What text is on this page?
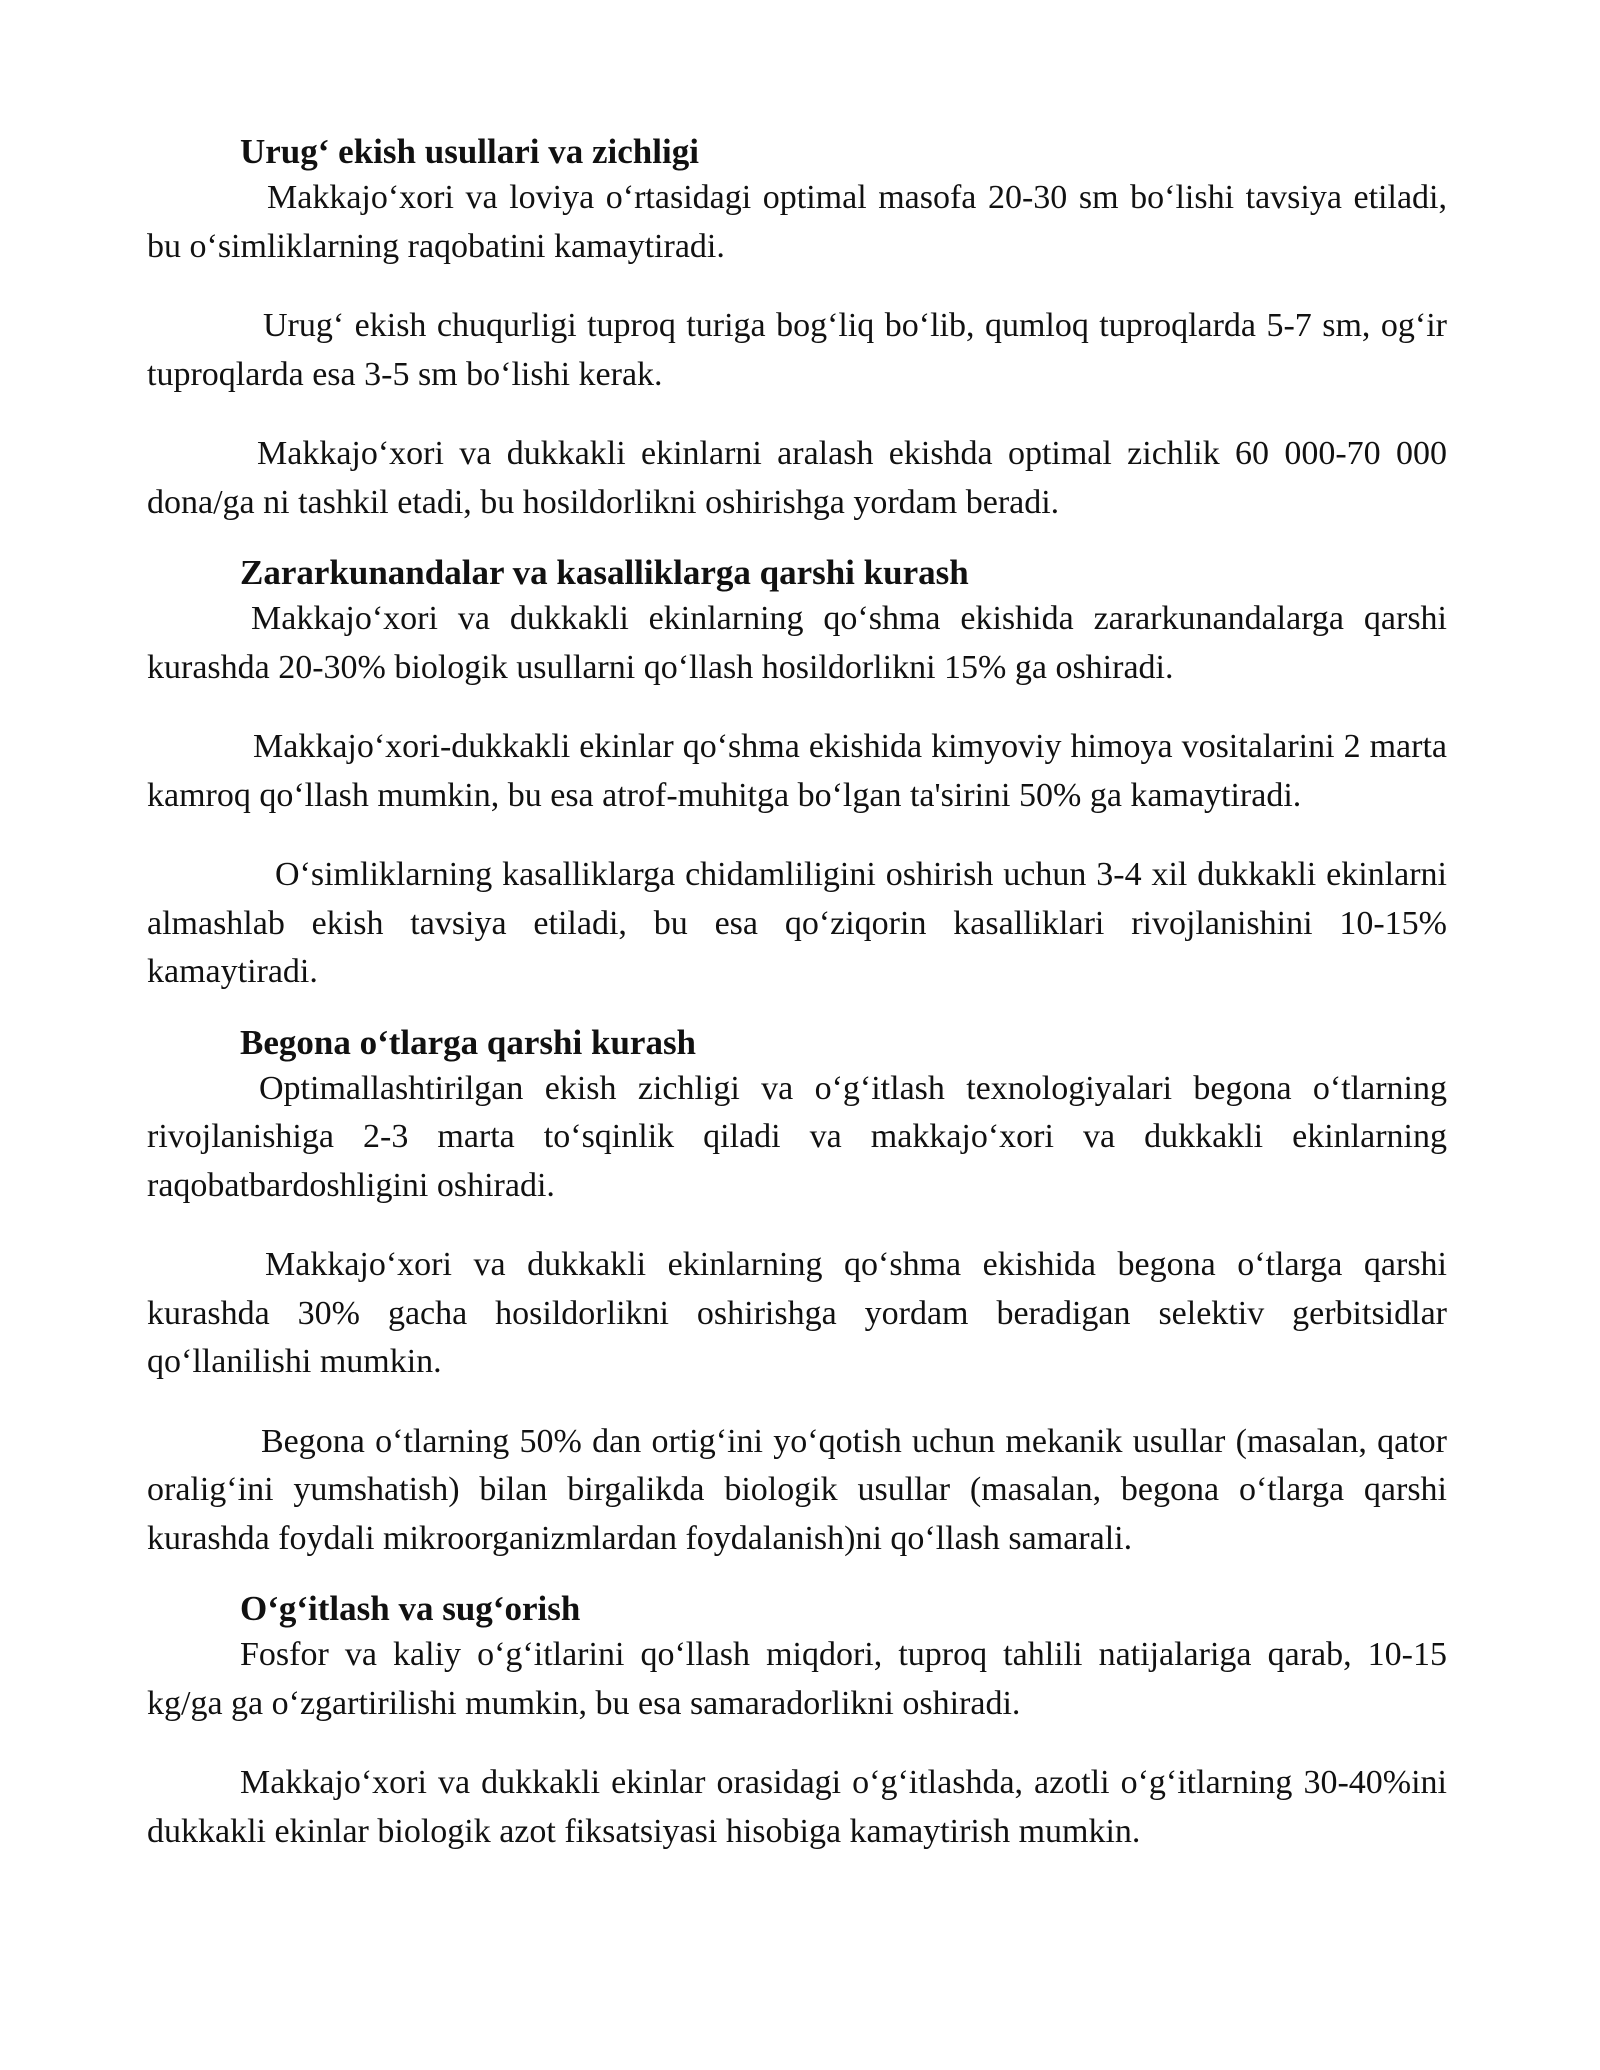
Urug‘ ekish usullari va zichligi

Makkajo‘xori va loviya o‘rtasidagi optimal masofa 20-30 sm bo‘lishi tavsiya etiladi, bu o‘simliklarning raqobatini kamaytiradi.

Urug‘ ekish chuqurligi tuproq turiga bog‘liq bo‘lib, qumloq tuproqlarda 5-7 sm, og‘ir tuproqlarda esa 3-5 sm bo‘lishi kerak.

Makkajo‘xori va dukkakli ekinlarni aralash ekishda optimal zichlik 60 000-70 000 dona/ga ni tashkil etadi, bu hosildorlikni oshirishga yordam beradi.

Zararkunandalar va kasalliklarga qarshi kurash

Makkajo‘xori va dukkakli ekinlarning qo‘shma ekishida zararkunandalarga qarshi kurashda 20-30% biologik usullarni qo‘llash hosildorlikni 15% ga oshiradi.

Makkajo‘xori-dukkakli ekinlar qo‘shma ekishida kimyoviy himoya vositalarini 2 marta kamroq qo‘llash mumkin, bu esa atrof-muhitga bo‘lgan ta'sirini 50% ga kamaytiradi.

O‘simliklarning kasalliklarga chidamliligini oshirish uchun 3-4 xil dukkakli ekinlarni almashlab ekish tavsiya etiladi, bu esa qo‘ziqorin kasalliklari rivojlanishini 10-15% kamaytiradi.

Begona o‘tlarga qarshi kurash

Optimallashtirilgan ekish zichligi va o‘g‘itlash texnologiyalari begona o‘tlarning rivojlanishiga 2-3 marta to‘sqinlik qiladi va makkajo‘xori va dukkakli ekinlarning raqobatbardoshligini oshiradi.

Makkajo‘xori va dukkakli ekinlarning qo‘shma ekishida begona o‘tlarga qarshi kurashda 30% gacha hosildorlikni oshirishga yordam beradigan selektiv gerbitsidlar qo‘llanilishi mumkin.

Begona o‘tlarning 50% dan ortig‘ini yo‘qotish uchun mekanik usullar (masalan, qator oralig‘ini yumshatish) bilan birgalikda biologik usullar (masalan, begona o‘tlarga qarshi kurashda foydali mikroorganizmlardan foydalanish)ni qo‘llash samarali.

O‘g‘itlash va sug‘orish

Fosfor va kaliy o‘g‘itlarini qo‘llash miqdori, tuproq tahlili natijalariga qarab, 10-15 kg/ga ga o‘zgartirilishi mumkin, bu esa samaradorlikni oshiradi.

Makkajo‘xori va dukkakli ekinlar orasidagi o‘g‘itlashda, azotli o‘g‘itlarning 30-40%ini dukkakli ekinlar biologik azot fiksatsiyasi hisobiga kamaytirish mumkin.
